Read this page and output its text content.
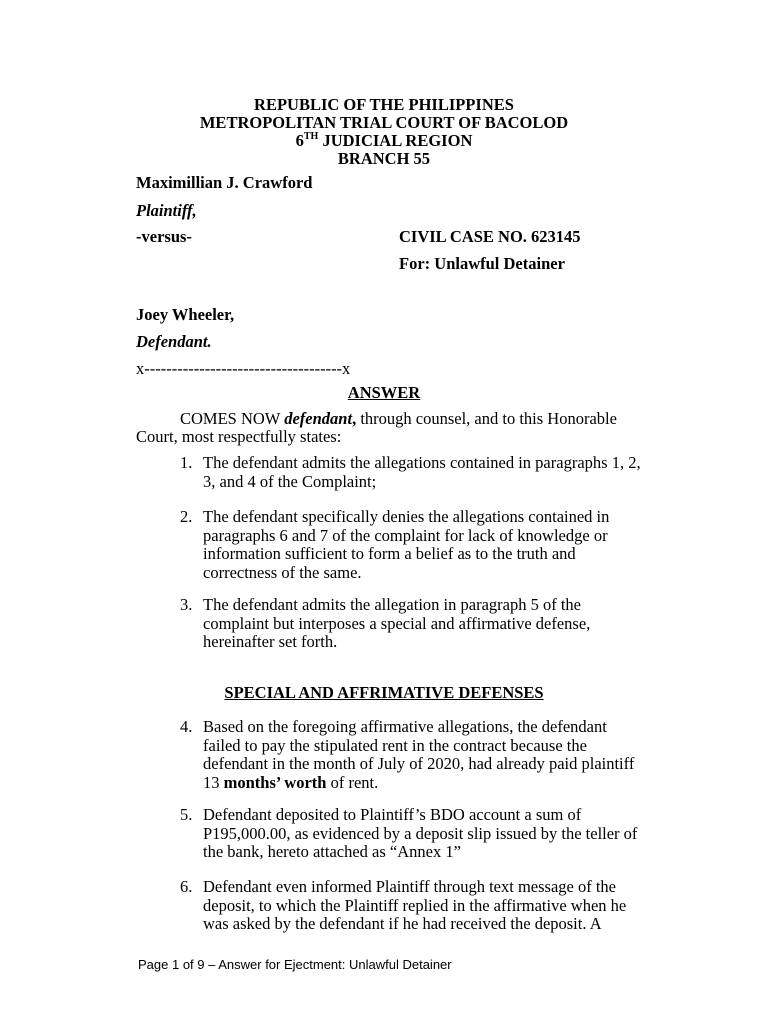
REPUBLIC OF THE PHILIPPINES
METROPOLITAN TRIAL COURT OF BACOLOD
6TH JUDICIAL REGION
BRANCH 55
Maximillian J. Crawford
Plaintiff,
-versus-	CIVIL CASE NO. 623145
For: Unlawful Detainer
Joey Wheeler,
Defendant.
x------------------------------------x
ANSWER
COMES NOW defendant, through counsel, and to this Honorable
Court, most respectfully states:
1. The defendant admits the allegations contained in paragraphs 1, 2,
3, and 4 of the Complaint;
2. The defendant specifically denies the allegations contained in
paragraphs 6 and 7 of the complaint for lack of knowledge or
information sufficient to form a belief as to the truth and
correctness of the same.
3. The defendant admits the allegation in paragraph 5 of the
complaint but interposes a special and affirmative defense,
hereinafter set forth.
SPECIAL AND AFFRIMATIVE DEFENSES
4. Based on the foregoing affirmative allegations, the defendant
failed to pay the stipulated rent in the contract because the
defendant in the month of July of 2020, had already paid plaintiff
13 months’ worth of rent.
5. Defendant deposited to Plaintiff’s BDO account a sum of
P195,000.00, as evidenced by a deposit slip issued by the teller of
the bank, hereto attached as “Annex 1”
6. Defendant even informed Plaintiff through text message of the
deposit, to which the Plaintiff replied in the affirmative when he
was asked by the defendant if he had received the deposit. A
Page 1 of 9 – Answer for Ejectment: Unlawful Detainer
